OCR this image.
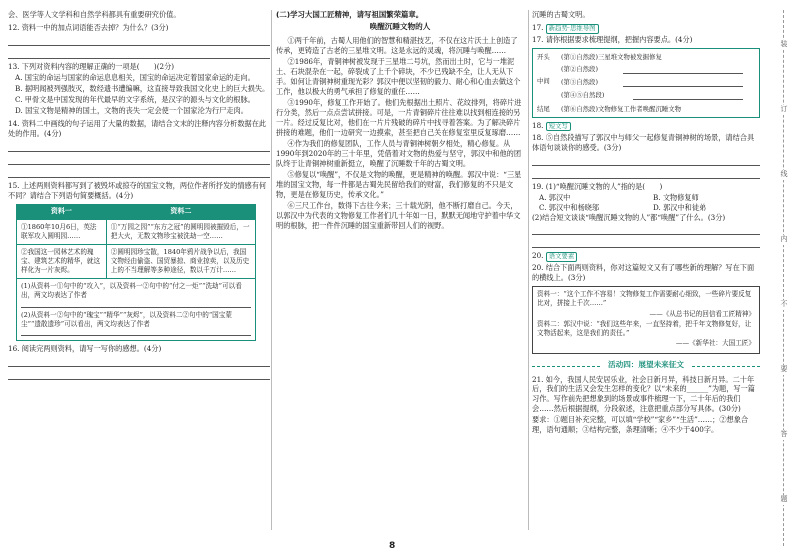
会、医学等人文学科和自然学科都具有重要研究价值。

12. 资料一中的加点词语能否去掉？为什么？(3分)

13. 下列对资料内容的理解正确的一项是(　　)(2分)

A. 国宝的命运与国家的命运息息相关，国宝的命运决定着国家命运的走向。

B. 据明闻被列强肢灭，数经遗书遭编嘛，这直接导致我国文化史上的巨大损失。

C. 甲骨文是中国发现的年代最早的文字系统，是汉字的源头与文化的根脉。

D. 国宝文物是精神的国土，文物的丧失一定会使一个国家沦为行尸走肉。

14. 资料二中画线的句子运用了大量的数据，请结合文末的注释内容分析数据在此处的作用。(4分)

15. 上述两则资料都写到了被毁坏或掠夺的国宝文物，两位作者所抒发的情感有何不同？请结合下列语句简要概括。(4分)

资料一	资料二
①1860年10月6日，英法联军攻入圆明园……	①“万园之园”“东方之冠”的圆明园被摧毁后，一把大火，无数文物珍宝被洗劫一空……
②我国这一园林艺术的瑰宝、建筑艺术的精华，就这样化为一片灰烬。	②圆明园珍宝散，1840年鸦片战争以后，我国文物经由偷盗、国贸暴掠、商业掠卖，以及历史上的不当理解等多种途径，数以千万计……

(1)从资料一①句中的“攻入”，以及资料一②句中的“付之一炬”“洗劫”可以看出，两文均表达了作者

(2)从资料一②句中的“瑰宝”“精华”“灰烬”，以及资料二②句中的“国宝蒙尘”“遗散遗珍”可以看出，两文均表达了作者

16. 阅读完两则资料，请写一写你的感想。(4分)

(二)学习大国工匠精神，请写祖国繁荣篇章。

唤醒沉睡文物的人

①两千年前，古蜀人用他们的智慧和精湛技艺，不仅在这片沃土上创造了传承，更铸造了古老的三星堆文明。这是永远的灵魂，将沉睡与唤醒……

②1986年，青铜神树被发现于三星堆二号坑，然而出土时，它与一堆泥土、石块混杂在一起，碎裂成了上千个碎块，不少已残缺不全，让人无从下手。如何让青铜神树重现光彩？郭汉中便以坚韧的毅力、耐心和心血去做这个工作，他以极大的勇气承担了修复的重任……

③1990年，修复工作开始了。他们先根据出土照片、花纹排列，将碎片进行分类，然后一点点尝试拼接。可是，一片青铜碎片往往难以找到相连接的另一片。经过反复比对，他们在一片片残破的碎片中找寻着答案。为了解决碎片拼接的难题，他们一边研究一边摸索，甚至把自己关在修复室里反复琢磨……

④作为我们的修复团队，工作人员与青铜神树朝夕相处，精心修复。从1990年到2020年的三十年里，凭借着对文物的热爱与坚守，郭汉中和他的团队终于让青铜神树重新挺立，唤醒了沉睡数千年的古蜀文明。

⑤修复以“唤醒”，不仅是文物的唤醒，更是精神的唤醒。郭汉中说：“三星堆的国宝文物，每一件都是古蜀先民留给我们的财富，我们修复的不只是文物，更是在修复历史，传承文化。”

⑥三尺工作台，数得下古往今来；三十载光阴，他不断打磨自己。今天，以郭汉中为代表的文物修复工作者们几十年如一日，默默无闻地守护着中华文明的根脉，把一件件沉睡的国宝重新带回人们的视野。

沉睡的古蜀文明。

17. 新趋势·思维导图

17. 请你根据要求梳理提纲，把握内容要点。(4分)

开头 (第①自然段)三星堆文物被发掘修复
中间
(第②自然段)
(第③自然段)
(第④⑤自然段)
结尾 (第⑥自然段)文物修复工作者唤醒沉睡文物

18. 短文写

18. ⑤自然段描写了郭汉中与师父一起修复青铜神树的场景，请结合具体语句谈谈你的感受。(3分)

19. (1)“唤醒沉睡文物的人”指的是(　　)

A. 郭汉中	B. 文物修复师
C. 郭汉中和杨晓邬	D. 郭汉中和徒弟

(2)结合短文谈谈“唤醒沉睡文物的人”都“唤醒”了什么。(3分)

20. 语文要素

20. 结合下面两则资料，你对这篇短文又有了哪些新的理解？写在下面的横线上。(3分)

资料一：“这个工作不容易！文物修复工作需要耐心细致，一些碎片要反复比对，拼接上千次……”

——《从总书记的回信看工匠精神》

资料二：郭汉中说：“我们这些年来，一直坚持着，把千年文物修复好，让文物活起来，这是我们的责任。”

——《新华社：大国工匠》

活动四：展望未来征文

21. 如今，我国人民安居乐业，社会日新月异，科技日新月异。二十年后，我们的生活又会发生怎样的变化？以“未来的______”为题，写一篇习作。写作前先把想象到的场景或事件梳理一下，二十年后的我们会……然后根据提纲，分段叙述，注意把重点部分写具体。(30分)

要求：①题目补充完整，可以填“学校”“家乡”“生活”……；②想象合理，语句通顺；③结构完整，条理清晰；④不少于400字。

8
装
订
线
内
不
要
答
题
